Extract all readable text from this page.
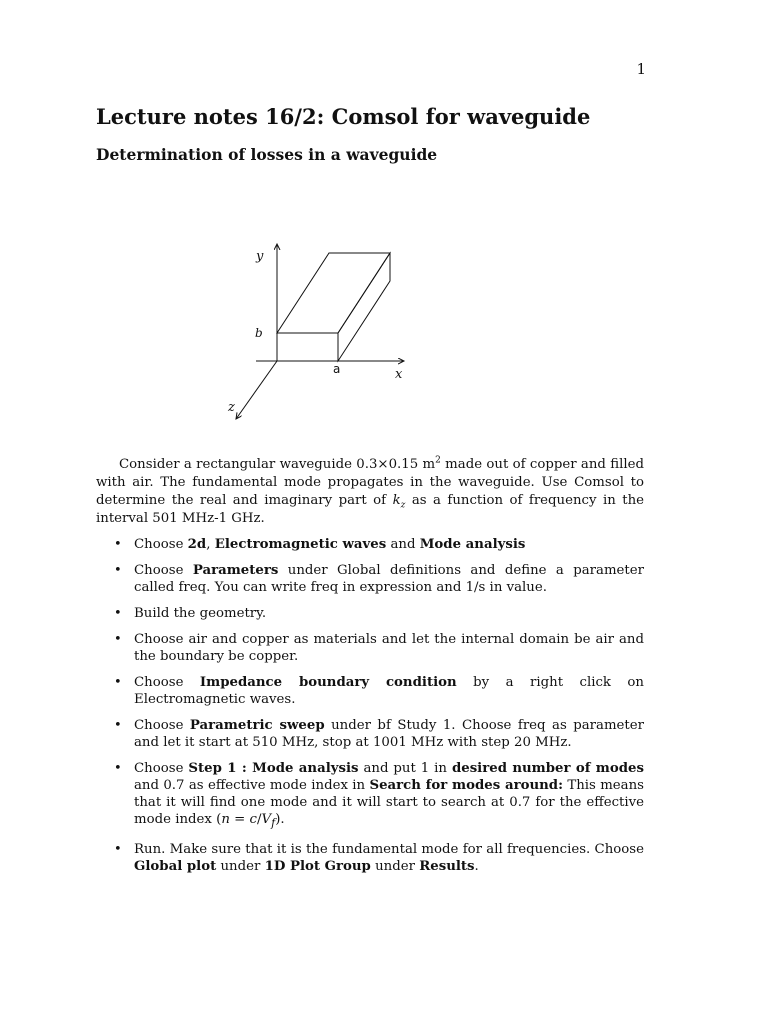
1
Lecture notes 16/2: Comsol for waveguide
Determination of losses in a waveguide
y
x
z
b
a

Consider a rectangular waveguide 0.3×0.15 $m^2$ made out of copper and filled with air. The fundamental mode propagates in the waveguide. Use Comsol to determine the real and imaginary part of $k_z$ as a function of frequency in the interval 501 MHz-1 GHz.

• Choose 2d, Electromagnetic waves and Mode analysis
• Choose Parameters under Global definitions and define a parameter called freq. You can write freq in expression and 1/s in value.
• Build the geometry.
• Choose air and copper as materials and let the internal domain be air and the boundary be copper.
• Choose Impedance boundary condition by a right click on Electromagnetic waves.
• Choose Parametric sweep under bf Study 1. Choose freq as parameter and let it start at 510 MHz, stop at 1001 MHz with step 20 MHz.
• Choose Step 1 : Mode analysis and put 1 in desired number of modes and 0.7 as effective mode index in Search for modes around: This means that it will find one mode and it will start to search at 0.7 for the effective mode index $(n = c/V_f)$.
• Run. Make sure that it is the fundamental mode for all frequencies. Choose Global plot under 1D Plot Group under Results.
